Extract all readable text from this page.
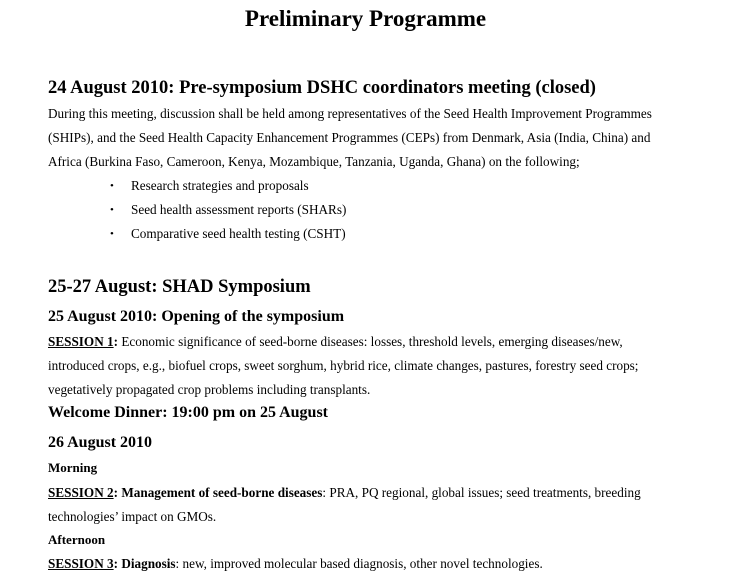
Preliminary Programme
24 August 2010: Pre-symposium DSHC coordinators meeting (closed)
During this meeting, discussion shall be held among representatives of the Seed Health Improvement Programmes
(SHIPs), and the Seed Health Capacity Enhancement Programmes (CEPs) from Denmark, Asia (India, China) and
Africa (Burkina Faso, Cameroon, Kenya, Mozambique, Tanzania, Uganda, Ghana) on the following;
• Research strategies and proposals
• Seed health assessment reports (SHARs)
• Comparative seed health testing (CSHT)
25-27 August: SHAD Symposium
25 August 2010: Opening of the symposium
SESSION 1: Economic significance of seed-borne diseases: losses, threshold levels, emerging diseases/new,
introduced crops, e.g., biofuel crops, sweet sorghum, hybrid rice, climate changes, pastures, forestry seed crops;
vegetatively propagated crop problems including transplants.
Welcome Dinner: 19:00 pm on 25 August
26 August 2010
Morning
SESSION 2: Management of seed-borne diseases: PRA, PQ regional, global issues; seed treatments, breeding
technologies’ impact on GMOs.
Afternoon
SESSION 3: Diagnosis: new, improved molecular based diagnosis, other novel technologies.
